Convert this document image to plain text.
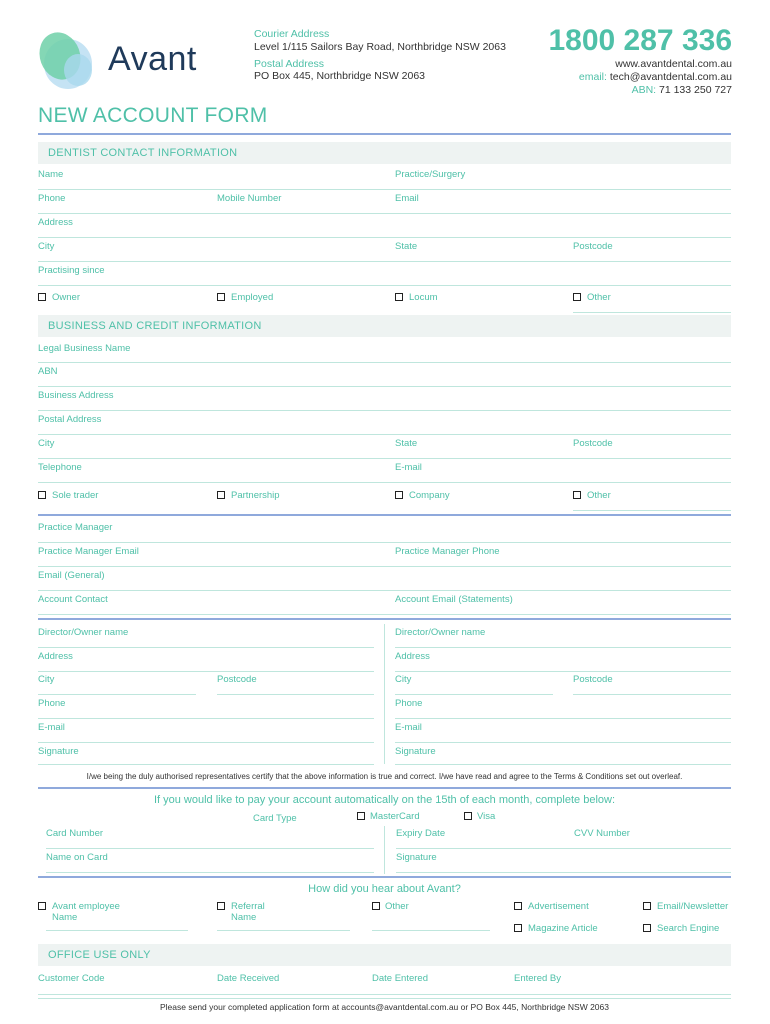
Avant
Courier Address
Level 1/115 Sailors Bay Road, Northbridge NSW 2063
Postal Address
PO Box 445, Northbridge NSW 2063
1800 287 336
www.avantdental.com.au
email: tech@avantdental.com.au
ABN: 71 133 250 727
NEW ACCOUNT FORM
DENTIST CONTACT INFORMATION
Name	Practice/Surgery
Phone	Mobile Number	Email
Address
City	State	Postcode
Practising since
Owner	Employed	Locum	Other
BUSINESS AND CREDIT INFORMATION
Legal Business Name
ABN
Business Address
Postal Address
City	State	Postcode
Telephone	E-mail
Sole trader	Partnership	Company	Other
Practice Manager
Practice Manager Email	Practice Manager Phone
Email (General)
Account Contact	Account Email (Statements)
Director/Owner name
Address
City	Postcode
Phone
E-mail
Signature
Director/Owner name
Address
City	Postcode
Phone
E-mail
Signature
I/we being the duly authorised representatives certify that the above information is true and correct. I/we have read and agree to the Terms & Conditions set out overleaf.
If you would like to pay your account automatically on the 15th of each month, complete below:
Card Type	MasterCard	Visa
Card Number	Expiry Date	CVV Number
Name on Card	Signature
How did you hear about Avant?
Avant employee
Name
Referral
Name
Other	Advertisement	Email/Newsletter
Magazine Article	Search Engine
OFFICE USE ONLY
Customer Code	Date Received	Date Entered	Entered By
Please send your completed application form at accounts@avantdental.com.au or PO Box 445, Northbridge NSW 2063
